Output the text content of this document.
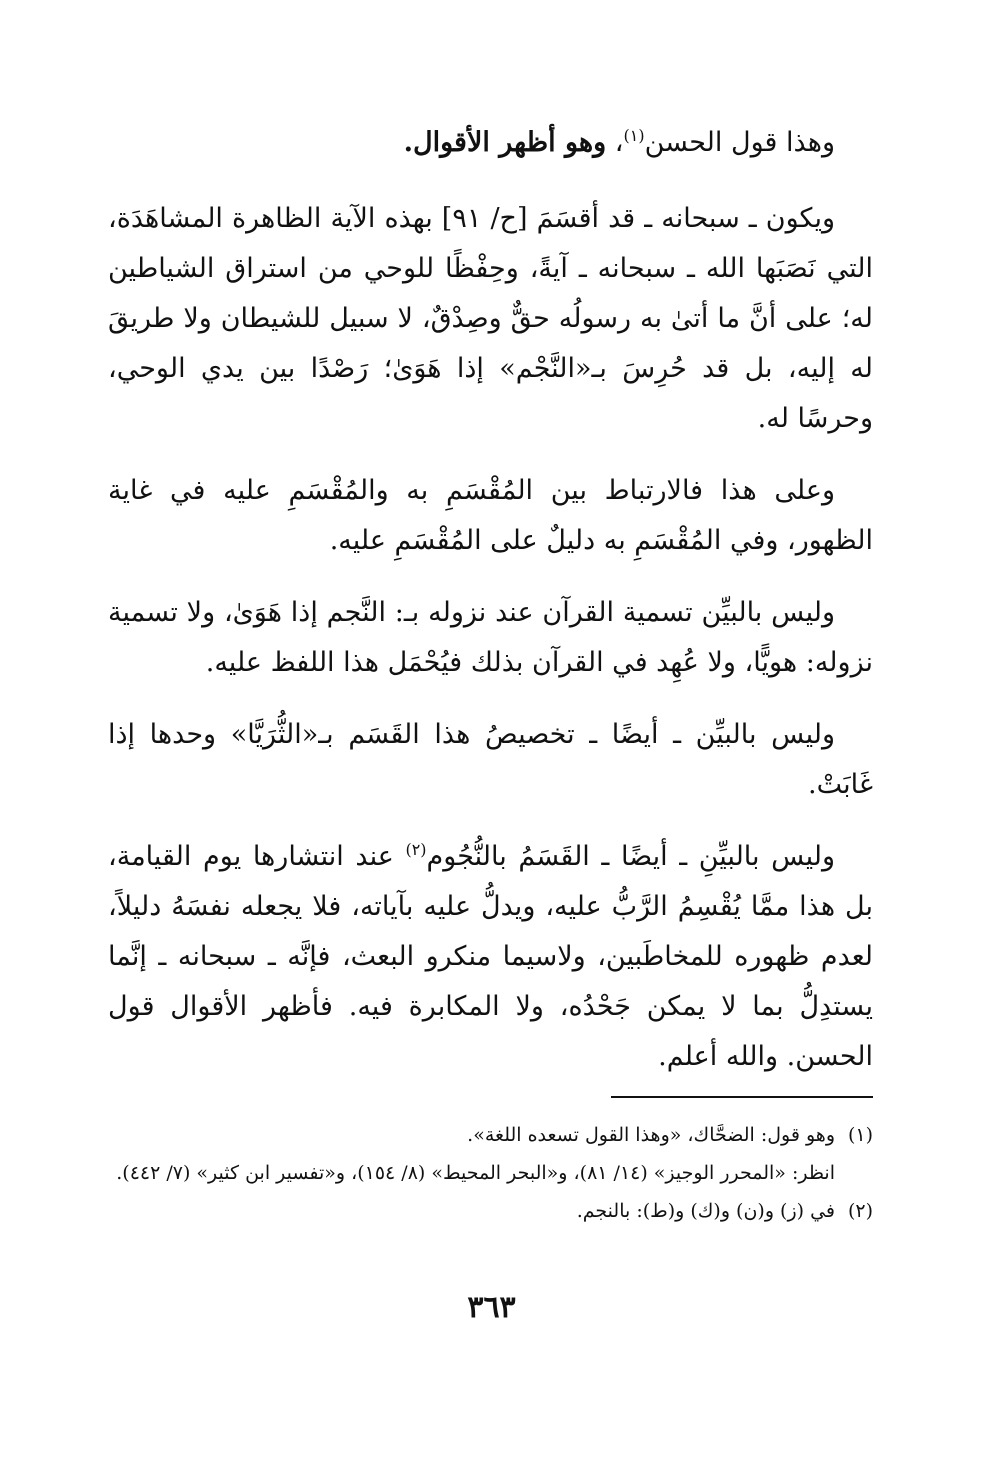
وهذا قول الحسن$^{(١)}$، وهو أظهر الأقوال.

ويكون ـ سبحانه ـ قد أقسَمَ [ح/ ٩١] بهذه الآية الظاهرة المشاهَدَة، التي نَصَبَها الله ـ سبحانه ـ آيةً، وحِفْظًا للوحي من استراق الشياطين له؛ على أنَّ ما أتىٰ به رسولُه حقٌّ وصِدْقٌ، لا سبيل للشيطان ولا طريقَ له إليه، بل قد حُرِسَ بـ«النَّجْم» إذا هَوَىٰ؛ رَصْدًا بين يدي الوحي، وحرسًا له.

وعلى هذا فالارتباط بين المُقْسَمِ به والمُقْسَمِ عليه في غاية الظهور، وفي المُقْسَمِ به دليلٌ على المُقْسَمِ عليه.

وليس بالبيِّن تسمية القرآن عند نزوله بـ: النَّجم إذا هَوَىٰ، ولا تسمية نزوله: هويًّا، ولا عُهِد في القرآن بذلك فيُحْمَل هذا اللفظ عليه.

وليس بالبيِّن ـ أيضًا ـ تخصيصُ هذا القَسَم بـ«الثُّرَيَّا» وحدها إذا غَابَتْ.

وليس بالبيِّنِ ـ أيضًا ـ القَسَمُ بالنُّجُوم$^{(٢)}$ عند انتشارها يوم القيامة، بل هذا ممَّا يُقْسِمُ الرَّبُّ عليه، ويدلُّ عليه بآياته، فلا يجعله نفسَهُ دليلاً، لعدم ظهوره للمخاطَبين، ولاسيما منكرو البعث، فإنَّه ـ سبحانه ـ إنَّما يستدِلُّ بما لا يمكن جَحْدُه، ولا المكابرة فيه. فأظهر الأقوال قول الحسن. والله أعلم.

(١)وهو قول: الضحَّاك، «وهذا القول تسعده اللغة».

انظر: «المحرر الوجيز» (١٤/ ٨١)، و«البحر المحيط» (٨/ ١٥٤)، و«تفسير ابن كثير» (٧/ ٤٤٢).

(٢)في (ز) و(ن) و(ك) و(ط): بالنجم.

٣٦٣
